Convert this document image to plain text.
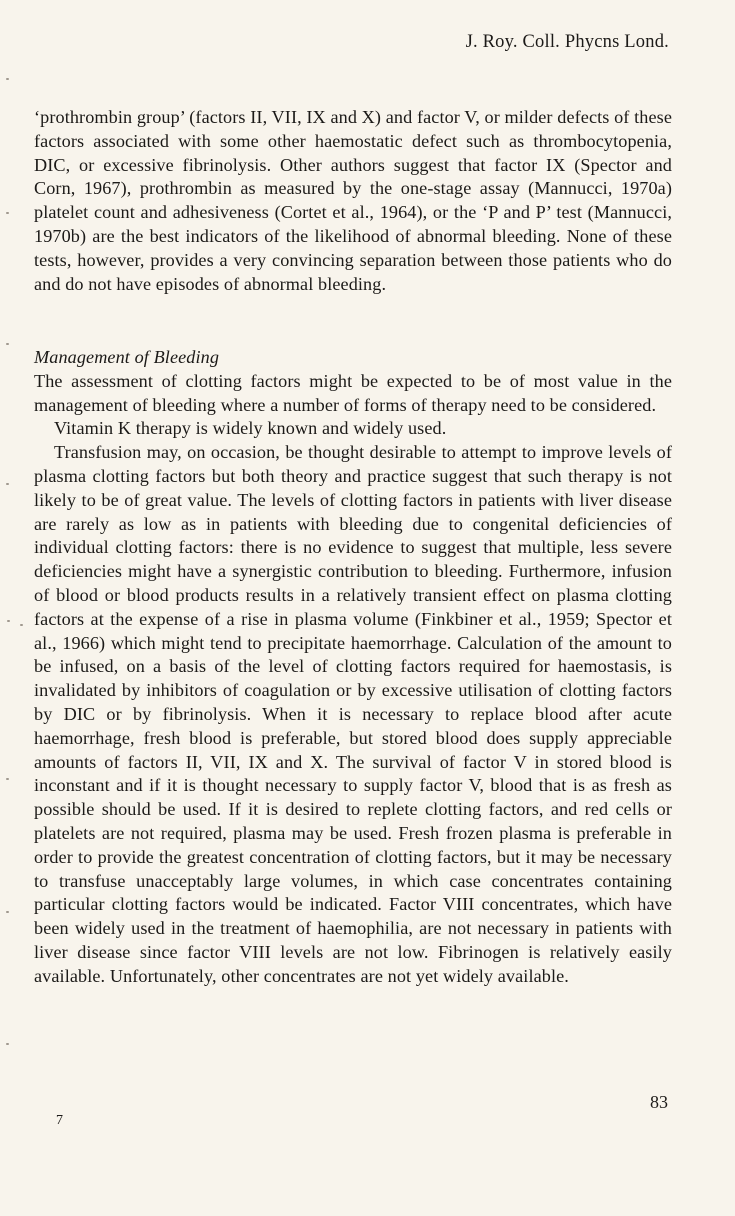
J. Roy. Coll. Phycns Lond.

‘prothrombin group’ (factors II, VII, IX and X) and factor V, or milder defects of these factors associated with some other haemostatic defect such as thrombocytopenia, DIC, or excessive fibrinolysis. Other authors suggest that factor IX (Spector and Corn, 1967), prothrombin as measured by the one-stage assay (Mannucci, 1970a) platelet count and adhesiveness (Cortet et al., 1964), or the ‘P and P’ test (Mannucci, 1970b) are the best indicators of the likelihood of abnormal bleeding. None of these tests, however, provides a very convincing separation between those patients who do and do not have episodes of abnormal bleeding.

Management of Bleeding

The assessment of clotting factors might be expected to be of most value in the management of bleeding where a number of forms of therapy need to be considered.

Vitamin K therapy is widely known and widely used.

Transfusion may, on occasion, be thought desirable to attempt to improve levels of plasma clotting factors but both theory and practice suggest that such therapy is not likely to be of great value. The levels of clotting factors in patients with liver disease are rarely as low as in patients with bleeding due to congenital deficiencies of individual clotting factors: there is no evidence to suggest that multiple, less severe deficiencies might have a synergistic contribution to bleeding. Furthermore, infusion of blood or blood products results in a relatively transient effect on plasma clotting factors at the expense of a rise in plasma volume (Finkbiner et al., 1959; Spector et al., 1966) which might tend to precipitate haemorrhage. Calculation of the amount to be infused, on a basis of the level of clotting factors required for haemostasis, is invalidated by inhibitors of coagulation or by excessive utilisation of clotting factors by DIC or by fibrinolysis. When it is necessary to replace blood after acute haemorrhage, fresh blood is preferable, but stored blood does supply appreciable amounts of factors II, VII, IX and X. The survival of factor V in stored blood is inconstant and if it is thought necessary to supply factor V, blood that is as fresh as possible should be used. If it is desired to replete clotting factors, and red cells or platelets are not required, plasma may be used. Fresh frozen plasma is preferable in order to provide the greatest concentration of clotting factors, but it may be necessary to transfuse unacceptably large volumes, in which case concentrates containing particular clotting factors would be indicated. Factor VIII concentrates, which have been widely used in the treatment of haemophilia, are not necessary in patients with liver disease since factor VIII levels are not low. Fibrinogen is relatively easily available. Unfortunately, other concentrates are not yet widely available.

83
7
